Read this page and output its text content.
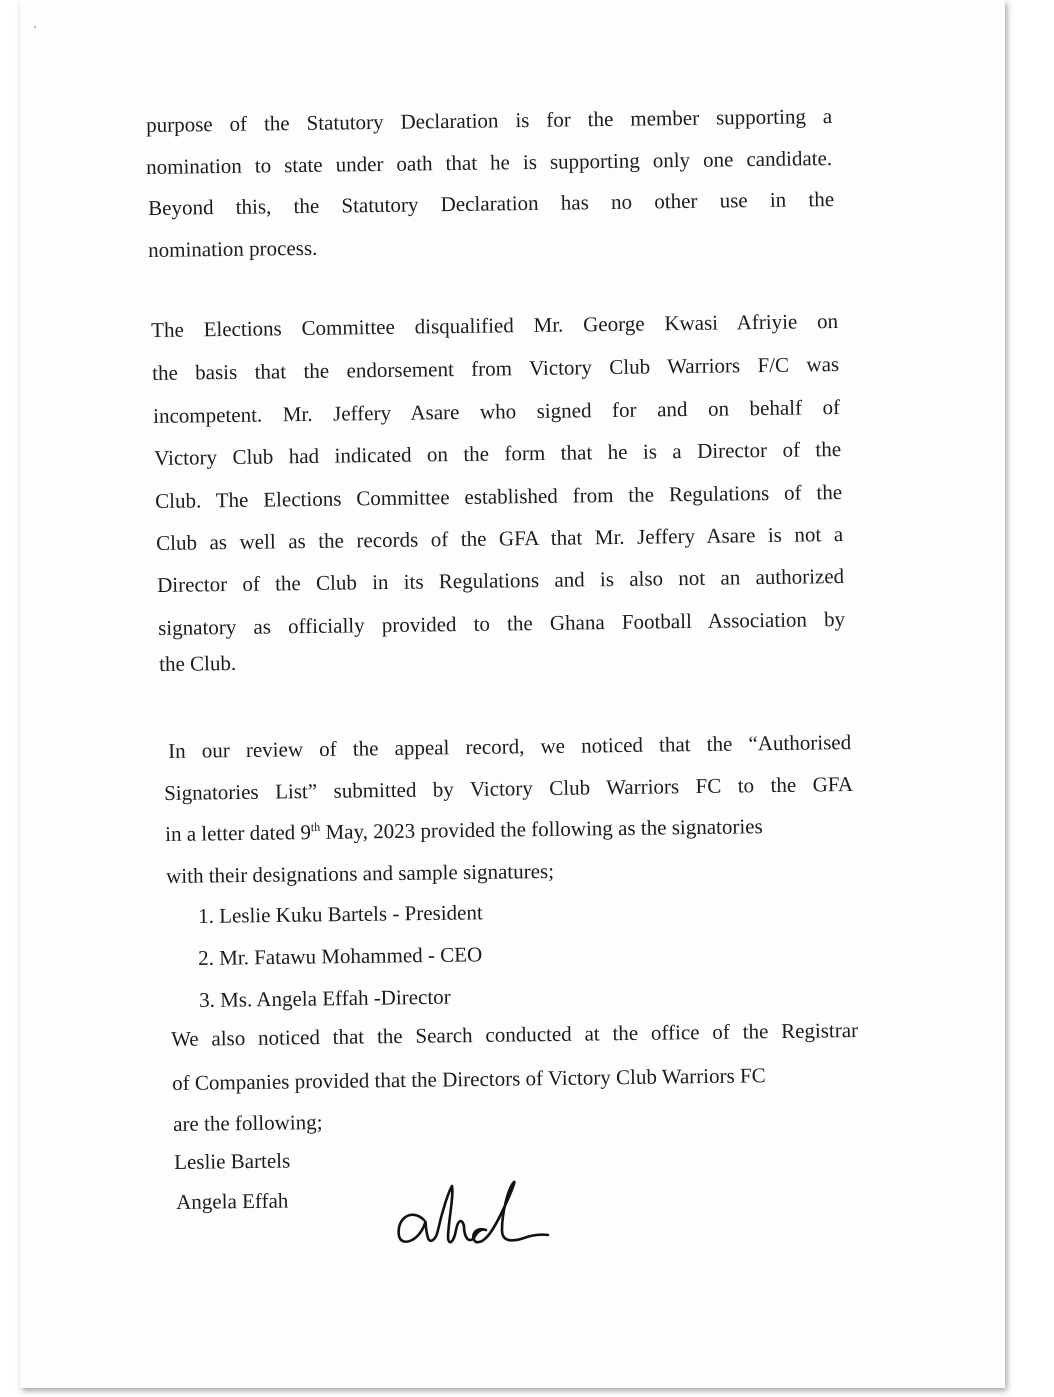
purpose of the Statutory Declaration is for the member supporting a
nomination to state under oath that he is supporting only one candidate.
Beyond this, the Statutory Declaration has no other use in the
nomination process.
The Elections Committee disqualified Mr. George Kwasi Afriyie on
the basis that the endorsement from Victory Club Warriors F/C was
incompetent. Mr. Jeffery Asare who signed for and on behalf of
Victory Club had indicated on the form that he is a Director of the
Club. The Elections Committee established from the Regulations of the
Club as well as the records of the GFA that Mr. Jeffery Asare is not a
Director of the Club in its Regulations and is also not an authorized
signatory as officially provided to the Ghana Football Association by
the Club.
In our review of the appeal record, we noticed that the “Authorised
Signatories List” submitted by Victory Club Warriors FC to the GFA
in a letter dated 9th May, 2023 provided the following as the signatories
with their designations and sample signatures;
1. Leslie Kuku Bartels - President
2. Mr. Fatawu Mohammed - CEO
3. Ms. Angela Effah -Director
We also noticed that the Search conducted at the office of the Registrar
of Companies provided that the Directors of Victory Club Warriors FC
are the following;
Leslie Bartels
Angela Effah
